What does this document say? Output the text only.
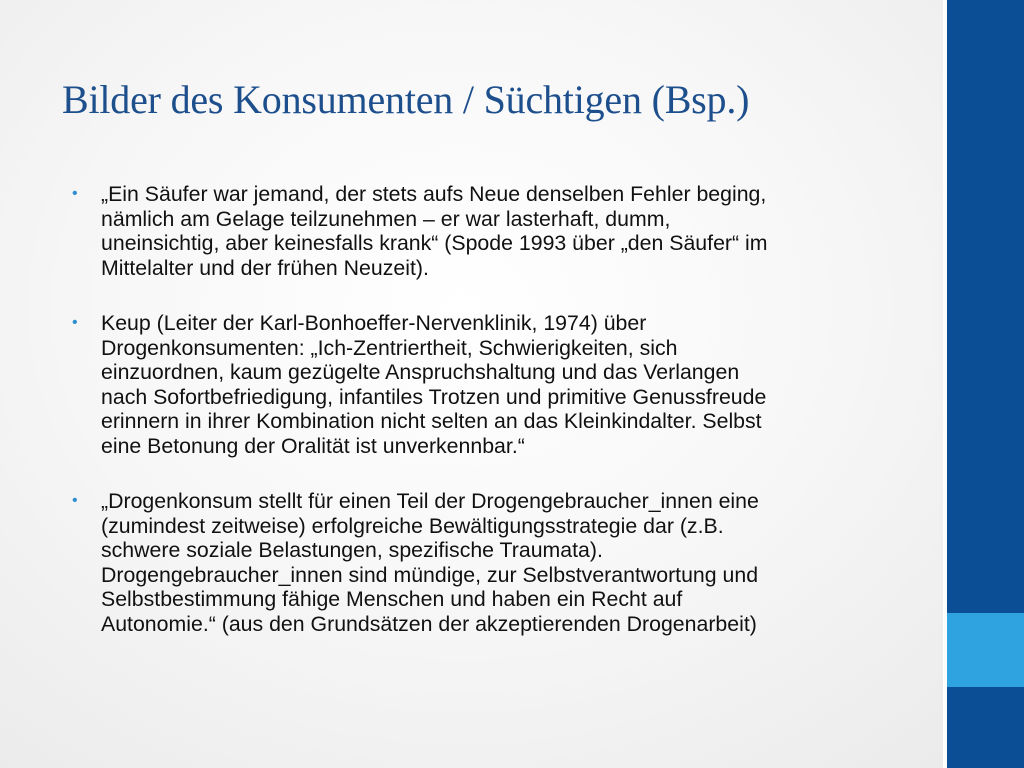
Bilder des Konsumenten / Süchtigen (Bsp.)
• „Ein Säufer war jemand, der stets aufs Neue denselben Fehler beging,
nämlich am Gelage teilzunehmen – er war lasterhaft, dumm,
uneinsichtig, aber keinesfalls krank“ (Spode 1993 über „den Säufer“ im
Mittelalter und der frühen Neuzeit).
• Keup (Leiter der Karl-Bonhoeffer-Nervenklinik, 1974) über
Drogenkonsumenten: „Ich-Zentriertheit, Schwierigkeiten, sich
einzuordnen, kaum gezügelte Anspruchshaltung und das Verlangen
nach Sofortbefriedigung, infantiles Trotzen und primitive Genussfreude
erinnern in ihrer Kombination nicht selten an das Kleinkindalter. Selbst
eine Betonung der Oralität ist unverkennbar.“
• „Drogenkonsum stellt für einen Teil der Drogengebraucher_innen eine
(zumindest zeitweise) erfolgreiche Bewältigungsstrategie dar (z.B.
schwere soziale Belastungen, spezifische Traumata).
Drogengebraucher_innen sind mündige, zur Selbstverantwortung und
Selbstbestimmung fähige Menschen und haben ein Recht auf
Autonomie.“ (aus den Grundsätzen der akzeptierenden Drogenarbeit)
